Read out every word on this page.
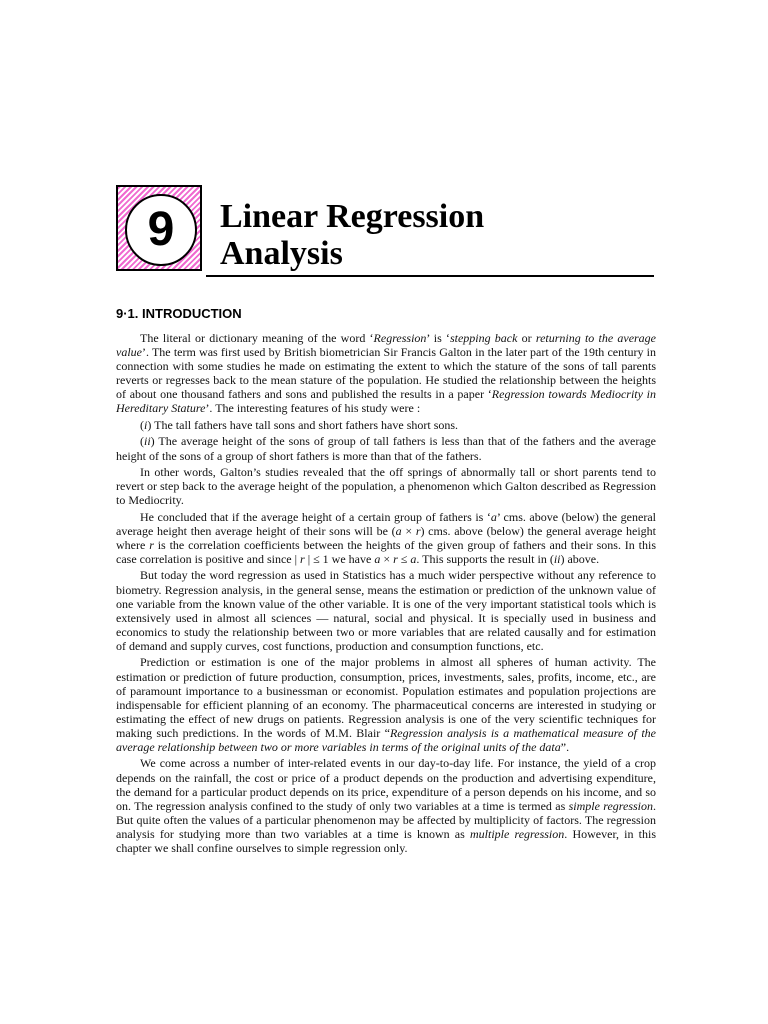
9 Linear Regression
Analysis
9·1. INTRODUCTION

The literal or dictionary meaning of the word ‘Regression’ is ‘stepping back or returning to the average value’. The term was first used by British biometrician Sir Francis Galton in the later part of the 19th century in connection with some studies he made on estimating the extent to which the stature of the sons of tall parents reverts or regresses back to the mean stature of the population. He studied the relationship between the heights of about one thousand fathers and sons and published the results in a paper ‘Regression towards Mediocrity in Hereditary Stature’. The interesting features of his study were :

(i) The tall fathers have tall sons and short fathers have short sons.

(ii) The average height of the sons of group of tall fathers is less than that of the fathers and the average height of the sons of a group of short fathers is more than that of the fathers.

In other words, Galton’s studies revealed that the off springs of abnormally tall or short parents tend to revert or step back to the average height of the population, a phenomenon which Galton described as Regression to Mediocrity.

He concluded that if the average height of a certain group of fathers is ‘a’ cms. above (below) the general average height then average height of their sons will be (a × r) cms. above (below) the general average height where r is the correlation coefficients between the heights of the given group of fathers and their sons. In this case correlation is positive and since | r | ≤ 1 we have a × r ≤ a. This supports the result in (ii) above.

But today the word regression as used in Statistics has a much wider perspective without any reference to biometry. Regression analysis, in the general sense, means the estimation or prediction of the unknown value of one variable from the known value of the other variable. It is one of the very important statistical tools which is extensively used in almost all sciences — natural, social and physical. It is specially used in business and economics to study the relationship between two or more variables that are related causally and for estimation of demand and supply curves, cost functions, production and consumption functions, etc.

Prediction or estimation is one of the major problems in almost all spheres of human activity. The estimation or prediction of future production, consumption, prices, investments, sales, profits, income, etc., are of paramount importance to a businessman or economist. Population estimates and population projections are indispensable for efficient planning of an economy. The pharmaceutical concerns are interested in studying or estimating the effect of new drugs on patients. Regression analysis is one of the very scientific techniques for making such predictions. In the words of M.M. Blair “Regression analysis is a mathematical measure of the average relationship between two or more variables in terms of the original units of the data”.

We come across a number of inter-related events in our day-to-day life. For instance, the yield of a crop depends on the rainfall, the cost or price of a product depends on the production and advertising expenditure, the demand for a particular product depends on its price, expenditure of a person depends on his income, and so on. The regression analysis confined to the study of only two variables at a time is termed as simple regression. But quite often the values of a particular phenomenon may be affected by multiplicity of factors. The regression analysis for studying more than two variables at a time is known as multiple regression. However, in this chapter we shall confine ourselves to simple regression only.
